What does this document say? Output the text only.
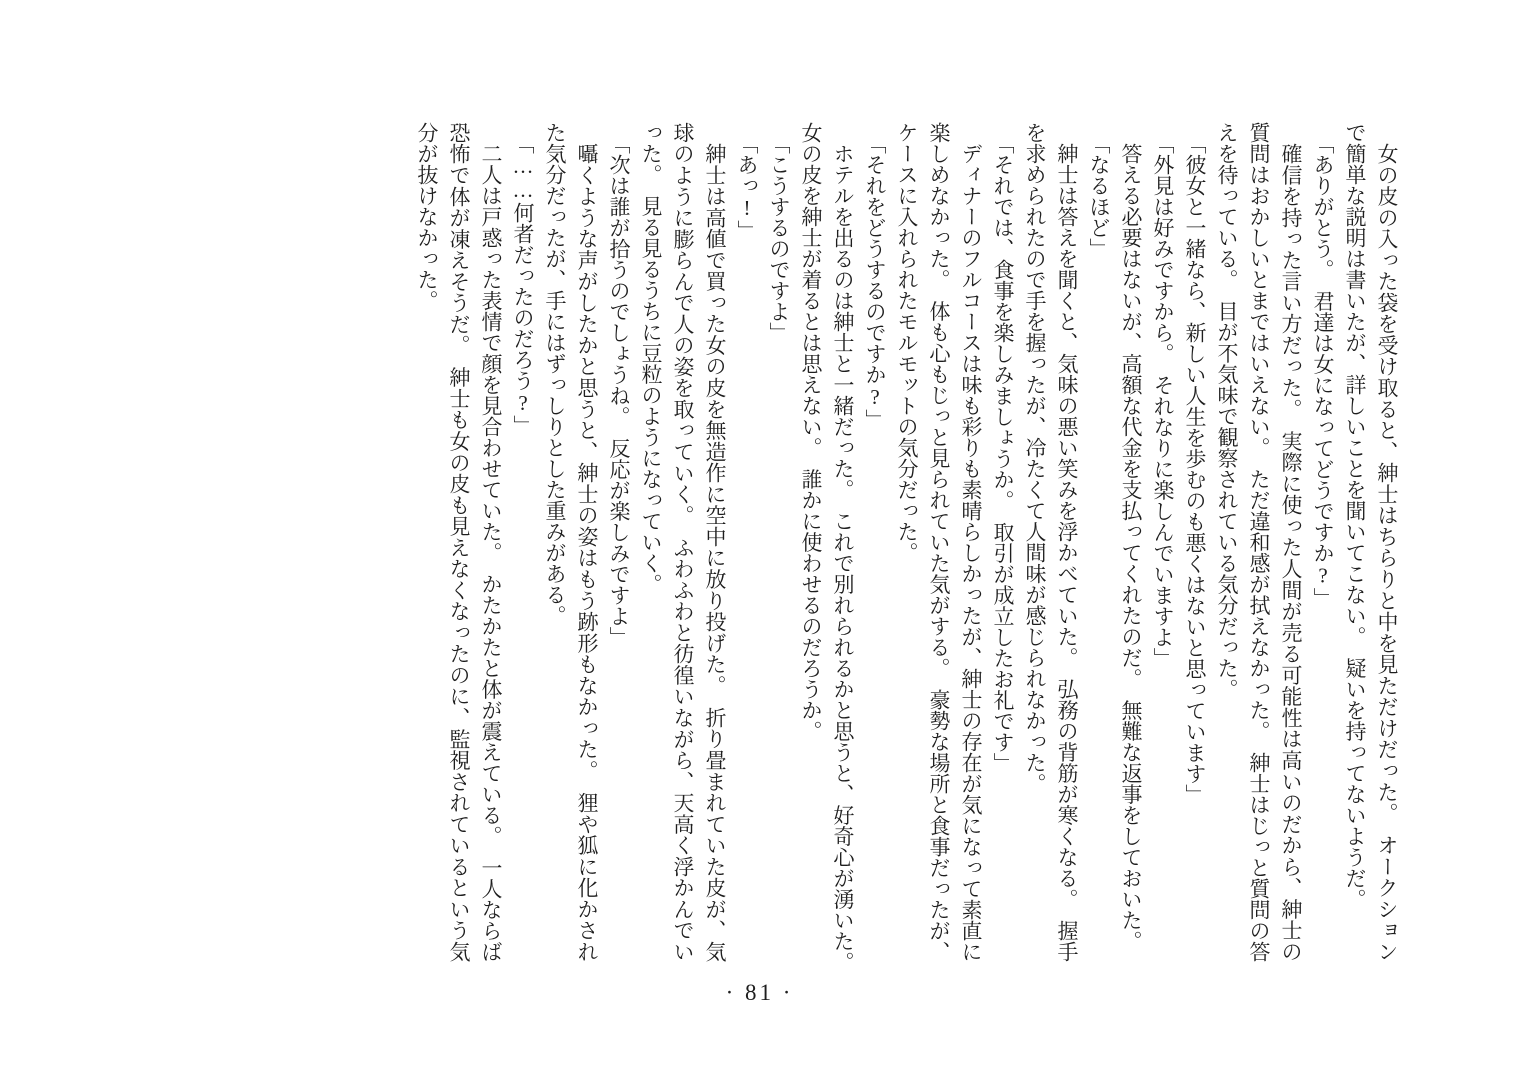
女の皮の入った袋を受け取ると、紳士はちらりと中を見ただけだった。　オークションで簡単な説明は書いたが、詳しいことを聞いてこない。　疑いを持ってないようだ。

「ありがとう。　君達は女になってどうですか?」

確信を持った言い方だった。　実際に使った人間が売る可能性は高いのだから、紳士の質問はおかしいとまではいえない。　ただ違和感が拭えなかった。　紳士はじっと質問の答えを待っている。　目が不気味で観察されている気分だった。

「彼女と一緒なら、新しい人生を歩むのも悪くはないと思っています」

「外見は好みですから。　それなりに楽しんでいますよ」

答える必要はないが、高額な代金を支払ってくれたのだ。　無難な返事をしておいた。

「なるほど」

紳士は答えを聞くと、気味の悪い笑みを浮かべていた。　弘務の背筋が寒くなる。　握手を求められたので手を握ったが、冷たくて人間味が感じられなかった。

「それでは、食事を楽しみましょうか。　取引が成立したお礼です」

ディナーのフルコースは味も彩りも素晴らしかったが、紳士の存在が気になって素直に楽しめなかった。　体も心もじっと見られていた気がする。　豪勢な場所と食事だったが、ケースに入れられたモルモットの気分だった。

「それをどうするのですか?」

ホテルを出るのは紳士と一緒だった。　これで別れられるかと思うと、好奇心が湧いた。　女の皮を紳士が着るとは思えない。　誰かに使わせるのだろうか。

「こうするのですよ」

「あっ!」

紳士は高値で買った女の皮を無造作に空中に放り投げた。　折り畳まれていた皮が、気球のように膨らんで人の姿を取っていく。　ふわふわと彷徨いながら、天高く浮かんでいった。　見る見るうちに豆粒のようになっていく。

「次は誰が拾うのでしょうね。　反応が楽しみですよ」

囁くような声がしたかと思うと、紳士の姿はもう跡形もなかった。　狸や狐に化かされた気分だったが、手にはずっしりとした重みがある。

「……何者だったのだろう?」

二人は戸惑った表情で顔を見合わせていた。　かたかたと体が震えている。　一人ならば恐怖で体が凍えそうだ。　紳士も女の皮も見えなくなったのに、監視されているという気分が抜けなかった。

· 81 ·
